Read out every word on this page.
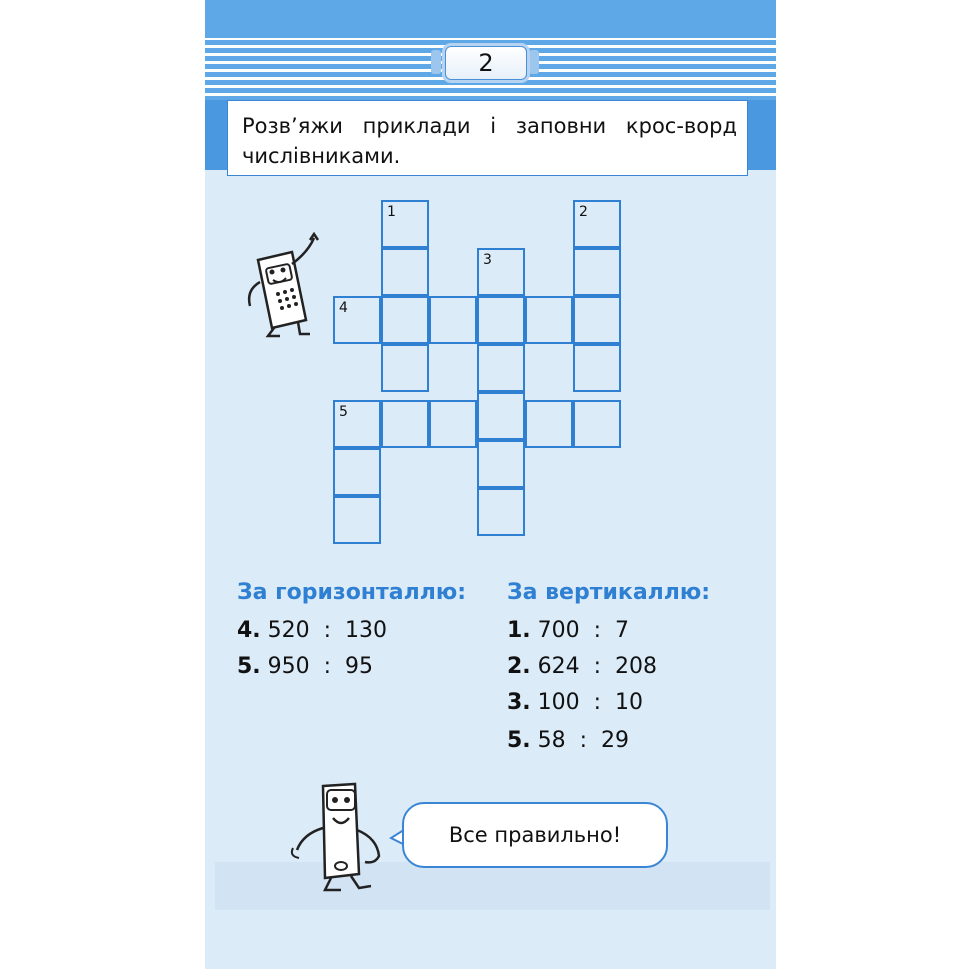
2
Розв’яжи приклади і заповни крос-ворд числівниками.
1
4
3
2
5
За горизонталлю: За вертикаллю:
4. 520  :  130
5. 950  :  95
1. 700  :  7
2. 624  :  208
3. 100  :  10
5. 58  :  29
Все правильно!
